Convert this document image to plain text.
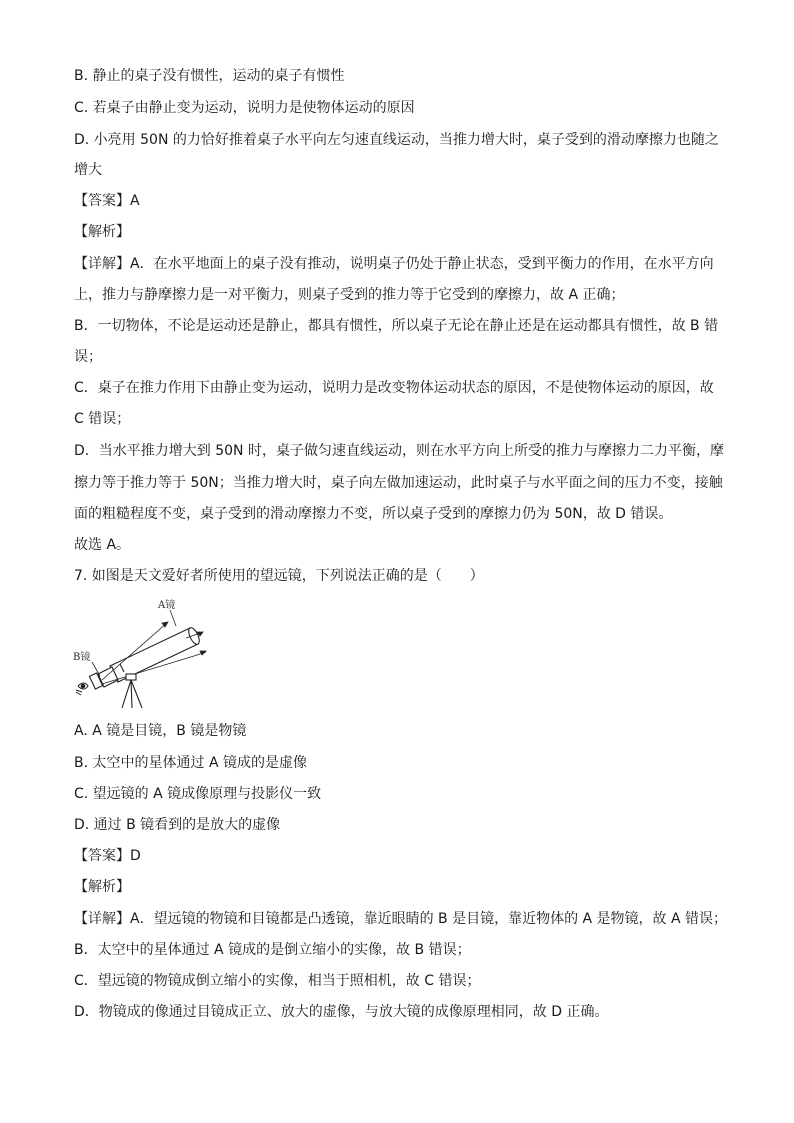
B. 静止的桌子没有惯性，运动的桌子有惯性
C. 若桌子由静止变为运动，说明力是使物体运动的原因
D. 小亮用 50N 的力恰好推着桌子水平向左匀速直线运动，当推力增大时，桌子受到的滑动摩擦力也随之
增大
【答案】A
【解析】
【详解】A．在水平地面上的桌子没有推动，说明桌子仍处于静止状态，受到平衡力的作用，在水平方向
上，推力与静摩擦力是一对平衡力，则桌子受到的推力等于它受到的摩擦力，故 A 正确；
B．一切物体，不论是运动还是静止，都具有惯性，所以桌子无论在静止还是在运动都具有惯性，故 B 错
误；
C．桌子在推力作用下由静止变为运动，说明力是改变物体运动状态的原因，不是使物体运动的原因，故
C 错误；
D．当水平推力增大到 50N 时，桌子做匀速直线运动，则在水平方向上所受的推力与摩擦力二力平衡，摩
擦力等于推力等于 50N；当推力增大时，桌子向左做加速运动，此时桌子与水平面之间的压力不变，接触
面的粗糙程度不变，桌子受到的滑动摩擦力不变，所以桌子受到的摩擦力仍为 50N，故 D 错误。
故选 A。
7. 如图是天文爱好者所使用的望远镜，下列说法正确的是（　　）
A镜
B镜
A. A 镜是目镜，B 镜是物镜
B. 太空中的星体通过 A 镜成的是虚像
C. 望远镜的 A 镜成像原理与投影仪一致
D. 通过 B 镜看到的是放大的虚像
【答案】D
【解析】
【详解】A．望远镜的物镜和目镜都是凸透镜，靠近眼睛的 B 是目镜，靠近物体的 A 是物镜，故 A 错误；
B．太空中的星体通过 A 镜成的是倒立缩小的实像，故 B 错误；
C．望远镜的物镜成倒立缩小的实像，相当于照相机，故 C 错误；
D．物镜成的像通过目镜成正立、放大的虚像，与放大镜的成像原理相同，故 D 正确。
